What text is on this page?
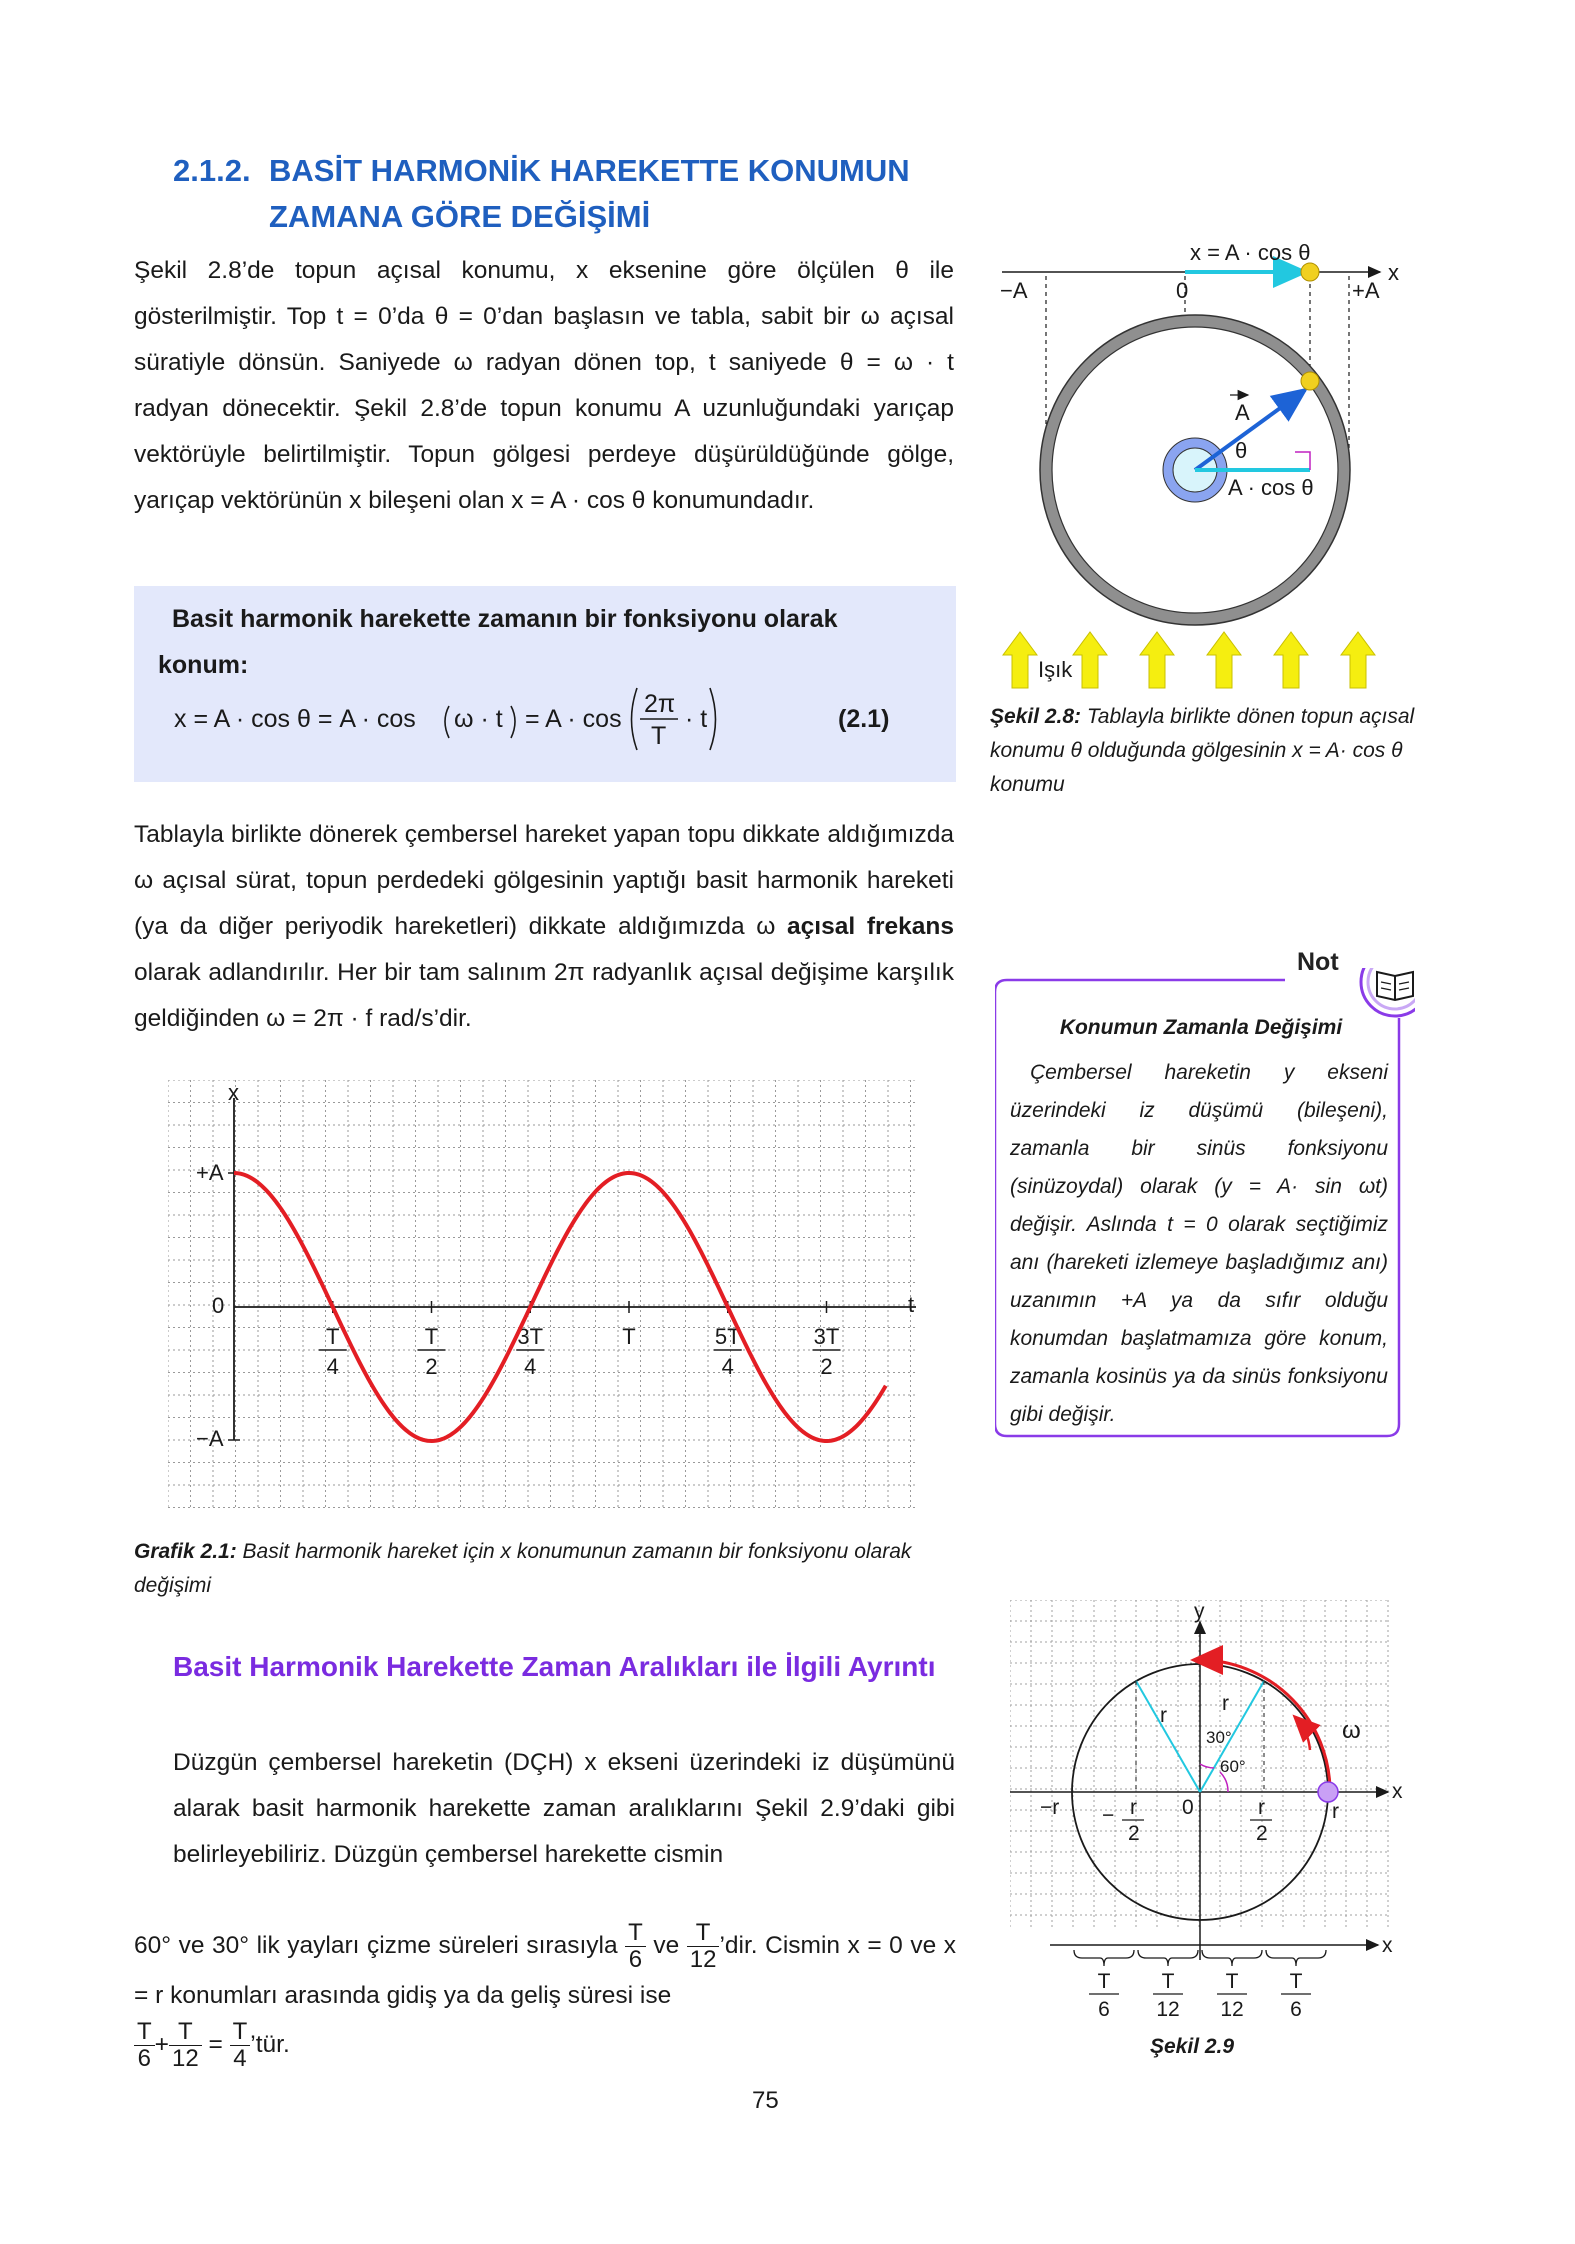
2.1.2. BASİT HARMONİK HAREKETTE KONUMUN
ZAMANA GÖRE DEĞİŞİMİ
Şekil 2.8’de topun açısal konumu, x eksenine göre ölçülen θ ile gösterilmiştir. Top t = 0’da θ = 0’dan başlasın ve tabla, sabit bir ω açısal süratiyle dönsün. Saniyede ω radyan dönen top, t saniyede θ = ω · t radyan dönecektir. Şekil 2.8’de topun konumu A uzunluğundaki yarıçap vektörüyle belirtilmiştir. Topun gölgesi perdeye düşürüldüğünde gölge, yarıçap vektörünün x bileşeni olan x = A · cos θ konumundadır.
Basit harmonik harekette zamanın bir fonksiyonu olarak
konum:
x = A · cos θ = A · cos ω · t = A · cos
2π
T
· t	(2.1)
Tablayla birlikte dönerek çembersel hareket yapan topu dikkate aldığımızda ω açısal sürat, topun perdedeki gölgesinin yaptığı basit harmonik hareketi (ya da diğer periyodik hareketleri) dikkate aldığımızda ω açısal frekans olarak adlandırılır. Her bir tam salınım 2π radyanlık açısal değişime karşılık geldiğinden ω = 2π · f rad/s’dir.
x
t
+A
0
−A
T
4
T
2
3T
4
T	5T
4
3T
2
Grafik 2.1: Basit harmonik hareket için x konumunun zamanın bir fonksiyonu olarak değişimi
Basit Harmonik Harekette Zaman Aralıkları ile İlgili Ayrıntı
Düzgün çembersel hareketin (DÇH) x ekseni üzerindeki iz düşümünü alarak basit harmonik harekette zaman aralıklarını Şekil 2.9’daki gibi belirleyebiliriz. Düzgün çembersel harekette cismin
60° ve 30° lik yayları çizme süreleri sırasıyla $\frac{T}{6}$ ve $\frac{T}{12}$ ’dir. Cismin x = 0 ve x = r konumları arasında gidiş ya da geliş süresi ise

$\frac{T}{6} + \frac{T}{12} = \frac{T}{4}$ ’tür.
x = A · cos θ
x
−A	0	+A
A
θ
A · cos θ
Işık
Şekil 2.8: Tablayla birlikte dönen topun açısal konumu θ olduğunda gölgesinin x = A· cos θ konumu
Not
Konumun Zamanla Değişimi
Çembersel hareketin y ekseni üzerindeki iz düşümü (bileşeni), zamanla bir sinüs fonksiyonu (sinüzoydal) olarak (y = A· sin ωt) değişir. Aslında t = 0 olarak seçtiğimiz anı (hareketi izlemeye başladığımız anı) uzanımın +A ya da sıfır olduğu konumdan başlatmamıza göre konum, zamanla kosinüs ya da sinüs fonksiyonu gibi değişir.
y
x
r
r
30°
60°
ω
−r	0	r
− r
2
r
2
x
T
6
T
12
T
12
T
6
Şekil 2.9
75
